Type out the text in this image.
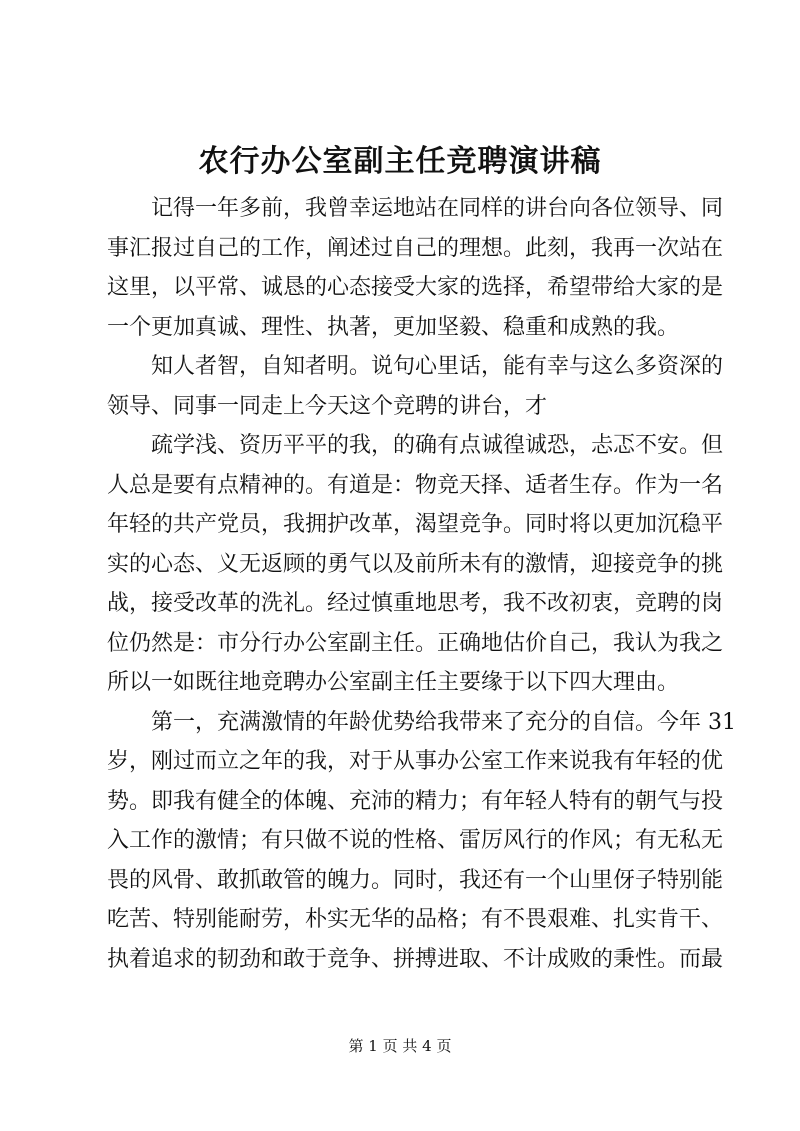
农行办公室副主任竞聘演讲稿
记得一年多前，我曾幸运地站在同样的讲台向各位领导、同
事汇报过自己的工作，阐述过自己的理想。此刻，我再一次站在
这里，以平常、诚恳的心态接受大家的选择，希望带给大家的是
一个更加真诚、理性、执著，更加坚毅、稳重和成熟的我。
知人者智，自知者明。说句心里话，能有幸与这么多资深的
领导、同事一同走上今天这个竞聘的讲台，才
疏学浅、资历平平的我，的确有点诚徨诚恐，忐忑不安。但
人总是要有点精神的。有道是：物竞天择、适者生存。作为一名
年轻的共产党员，我拥护改革，渴望竞争。同时将以更加沉稳平
实的心态、义无返顾的勇气以及前所未有的激情，迎接竞争的挑
战，接受改革的洗礼。经过慎重地思考，我不改初衷，竞聘的岗
位仍然是：市分行办公室副主任。正确地估价自己，我认为我之
所以一如既往地竞聘办公室副主任主要缘于以下四大理由。
第一，充满激情的年龄优势给我带来了充分的自信。今年 31
岁，刚过而立之年的我，对于从事办公室工作来说我有年轻的优
势。即我有健全的体魄、充沛的精力；有年轻人特有的朝气与投
入工作的激情；有只做不说的性格、雷厉风行的作风；有无私无
畏的风骨、敢抓敢管的魄力。同时，我还有一个山里伢子特别能
吃苦、特别能耐劳，朴实无华的品格；有不畏艰难、扎实肯干、
执着追求的韧劲和敢于竞争、拼搏进取、不计成败的秉性。而最
第 1 页 共 4 页
